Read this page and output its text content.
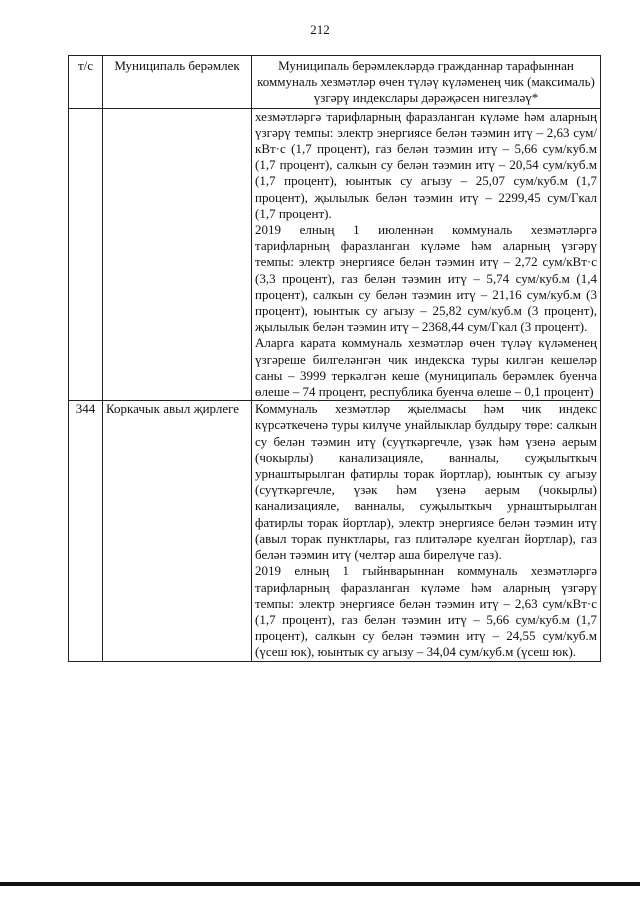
212
т/с	Муниципаль берәмлек	Муниципаль берәмлекләрдә гражданнар тарафыннан коммуналь хезмәтләр өчен түләү күләменең чик (максималь) үзгәрү индекслары дәрәҗәсен нигезләү*

		хезмәтләргә тарифларның фаразланган күләме һәм аларның үзгәрү темпы: электр энергиясе белән тәэмин итү – 2,63 сум/кВт·с (1,7 процент), газ белән тәэмин итү – 5,66 сум/куб.м (1,7 процент), салкын су белән тәэмин итү – 20,54 сум/куб.м (1,7 процент), юынтык су агызу – 25,07 сум/куб.м (1,7 процент), җылылык белән тәэмин итү – 2299,45 сум/Гкал (1,7 процент).

2019 елның 1 июленнән коммуналь хезмәтләргә тарифларның фаразланган күләме һәм аларның үзгәрү темпы: электр энергиясе белән тәэмин итү – 2,72 сум/кВт·с (3,3 процент), газ белән тәэмин итү – 5,74 сум/куб.м (1,4 процент), салкын су белән тәэмин итү – 21,16 сум/куб.м (3 процент), юынтык су агызу – 25,82 сум/куб.м (3 процент), җылылык белән тәэмин итү – 2368,44 сум/Гкал (3 процент).

Аларга карата коммуналь хезмәтләр өчен түләү күләменең үзгәреше билгеләнгән чик индекска туры килгән кешеләр саны – 3999 теркәлгән кеше (муниципаль берәмлек буенча өлеше – 74 процент, республика буенча өлеше – 0,1 процент)

344	Коркачык авыл җирлеге	Коммуналь хезмәтләр җыелмасы һәм чик индекс күрсәткеченә туры килүче унайлыклар булдыру төре: салкын су белән тәэмин итү (суүткәргечле, үзәк һәм үзенә аерым (чокырлы) канализацияле, ванналы, суҗылыткыч урнаштырылган фатирлы торак йортлар), юынтык су агызу (суүткәргечле, үзәк һәм үзенә аерым (чокырлы) канализацияле, ванналы, суҗылыткыч урнаштырылган фатирлы торак йортлар), электр энергиясе белән тәэмин итү (авыл торак пунктлары, газ плитәләре куелган йортлар), газ белән тәэмин итү (челтәр аша бирелүче газ).

2019 елның 1 гыйнварыннан коммуналь хезмәтләргә тарифларның фаразланган күләме һәм аларның үзгәрү темпы: электр энергиясе белән тәэмин итү – 2,63 сум/кВт·с (1,7 процент), газ белән тәэмин итү – 5,66 сум/куб.м (1,7 процент), салкын су белән тәэмин итү – 24,55 сум/куб.м (үсеш юк), юынтык су агызу – 34,04 сум/куб.м (үсеш юк).
